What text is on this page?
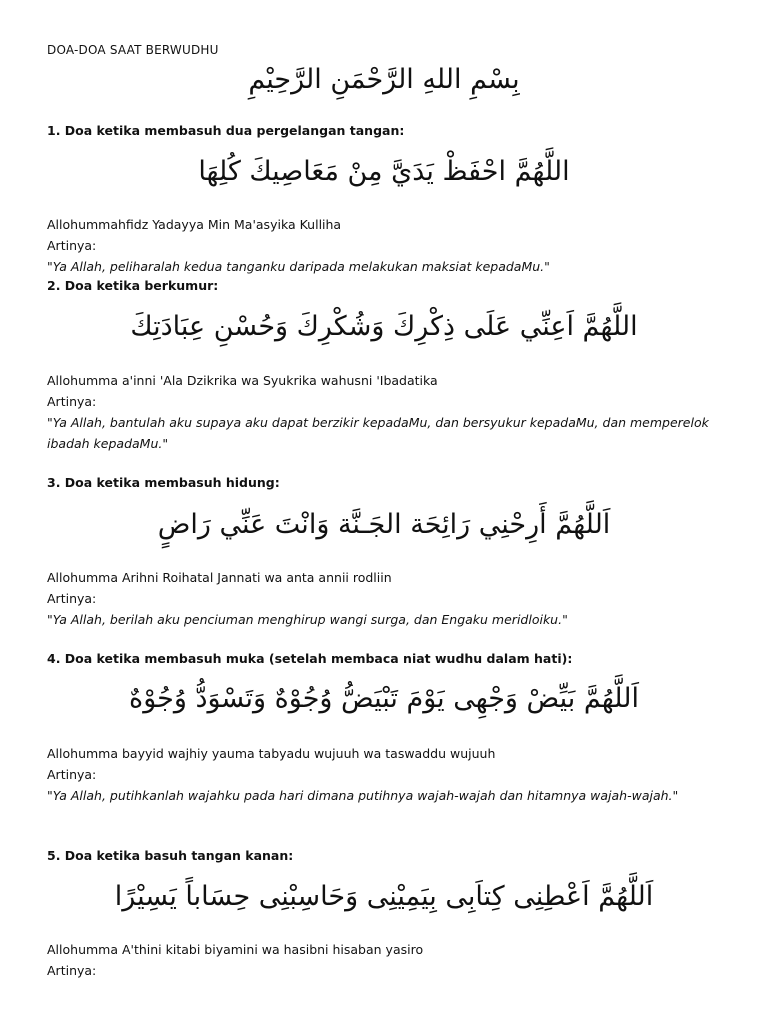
DOA-DOA SAAT BERWUDHU
بِسْمِ اللهِ الرَّحْمَنِ الرَّحِيْمِ
1. Doa ketika membasuh dua pergelangan tangan:
اللَّهُمَّ احْفَظْ يَدَيَّ مِنْ مَعَاصِيكَ كُلِهَا
Allohummahfidz Yadayya Min Ma'asyika Kulliha
Artinya:
"Ya Allah, peliharalah kedua tanganku daripada melakukan maksiat kepadaMu."
2. Doa ketika berkumur:
اللَّهُمَّ اَعِنِّي عَلَى ذِكْرِكَ وَشُكْرِكَ وَحُسْنِ عِبَادَتِكَ
Allohumma a'inni 'Ala Dzikrika wa Syukrika wahusni 'Ibadatika
Artinya:
"Ya Allah, bantulah aku supaya aku dapat berzikir kepadaMu, dan bersyukur kepadaMu, dan memperelok ibadah kepadaMu."
3. Doa ketika membasuh hidung:
اَللَّهُمَّ أَرِحْنِي رَائِحَة الجَـنَّة وَانْتَ عَنِّي رَاضٍ
Allohumma Arihni Roihatal Jannati wa anta annii rodliin
Artinya:
"Ya Allah, berilah aku penciuman menghirup wangi surga, dan Engaku meridloiku."
4. Doa ketika membasuh muka (setelah membaca niat wudhu dalam hati):
اَللَّهُمَّ بَيِّضْ وَجْهِى يَوْمَ تَبْيَضُّ وُجُوْهٌ وَتَسْوَدُّ وُجُوْهٌ
Allohumma bayyid wajhiy yauma tabyadu wujuuh wa taswaddu wujuuh
Artinya:
"Ya Allah, putihkanlah wajahku pada hari dimana putihnya wajah-wajah dan hitamnya wajah-wajah."
5. Doa ketika basuh tangan kanan:
اَللَّهُمَّ اَعْطِنِى كِتاَبِى بِيَمِيْنِى وَحَاسِبْنِى حِسَاباً يَسِيْرًا
Allohumma A'thini kitabi biyamini wa hasibni hisaban yasiro
Artinya:
